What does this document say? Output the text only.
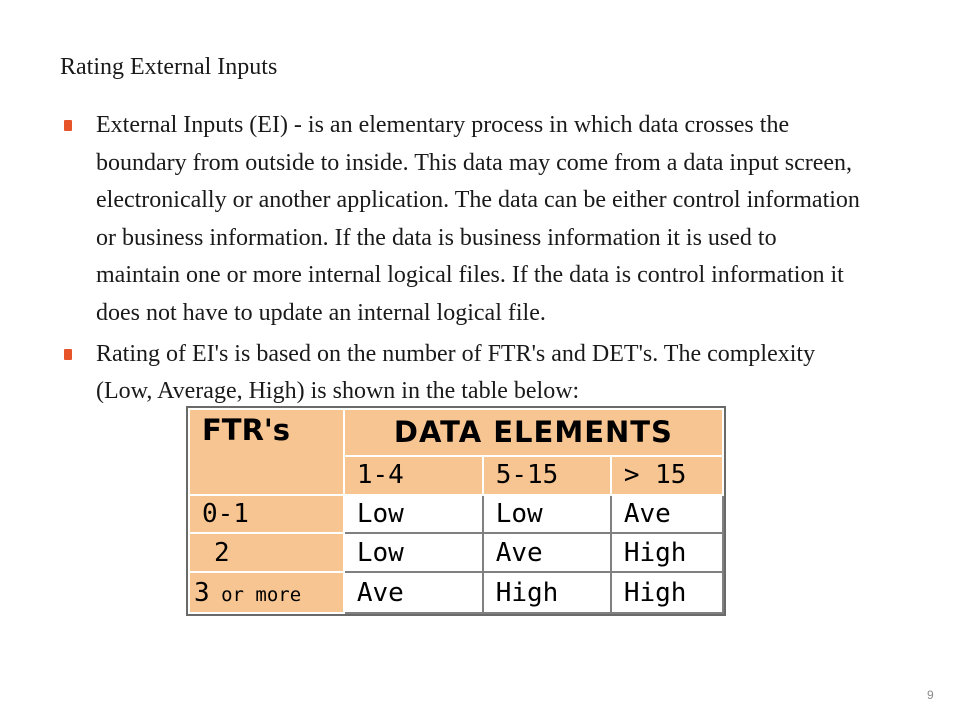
Rating External Inputs
External Inputs (EI) - is an elementary process in which data crosses the boundary from outside to inside. This data may come from a data input screen, electronically or another application. The data can be either control information or business information. If the data is business information it is used to maintain one or more internal logical files. If the data is control information it does not have to update an internal logical file.
Rating of EI's is based on the number of FTR's and DET's. The complexity (Low, Average, High) is shown in the table below:
FTR's	DATA ELEMENTS		
	1-4	5-15	> 15
0-1	Low	Low	Ave
2	Low	Ave	High
3 or more	Ave	High	High
9
